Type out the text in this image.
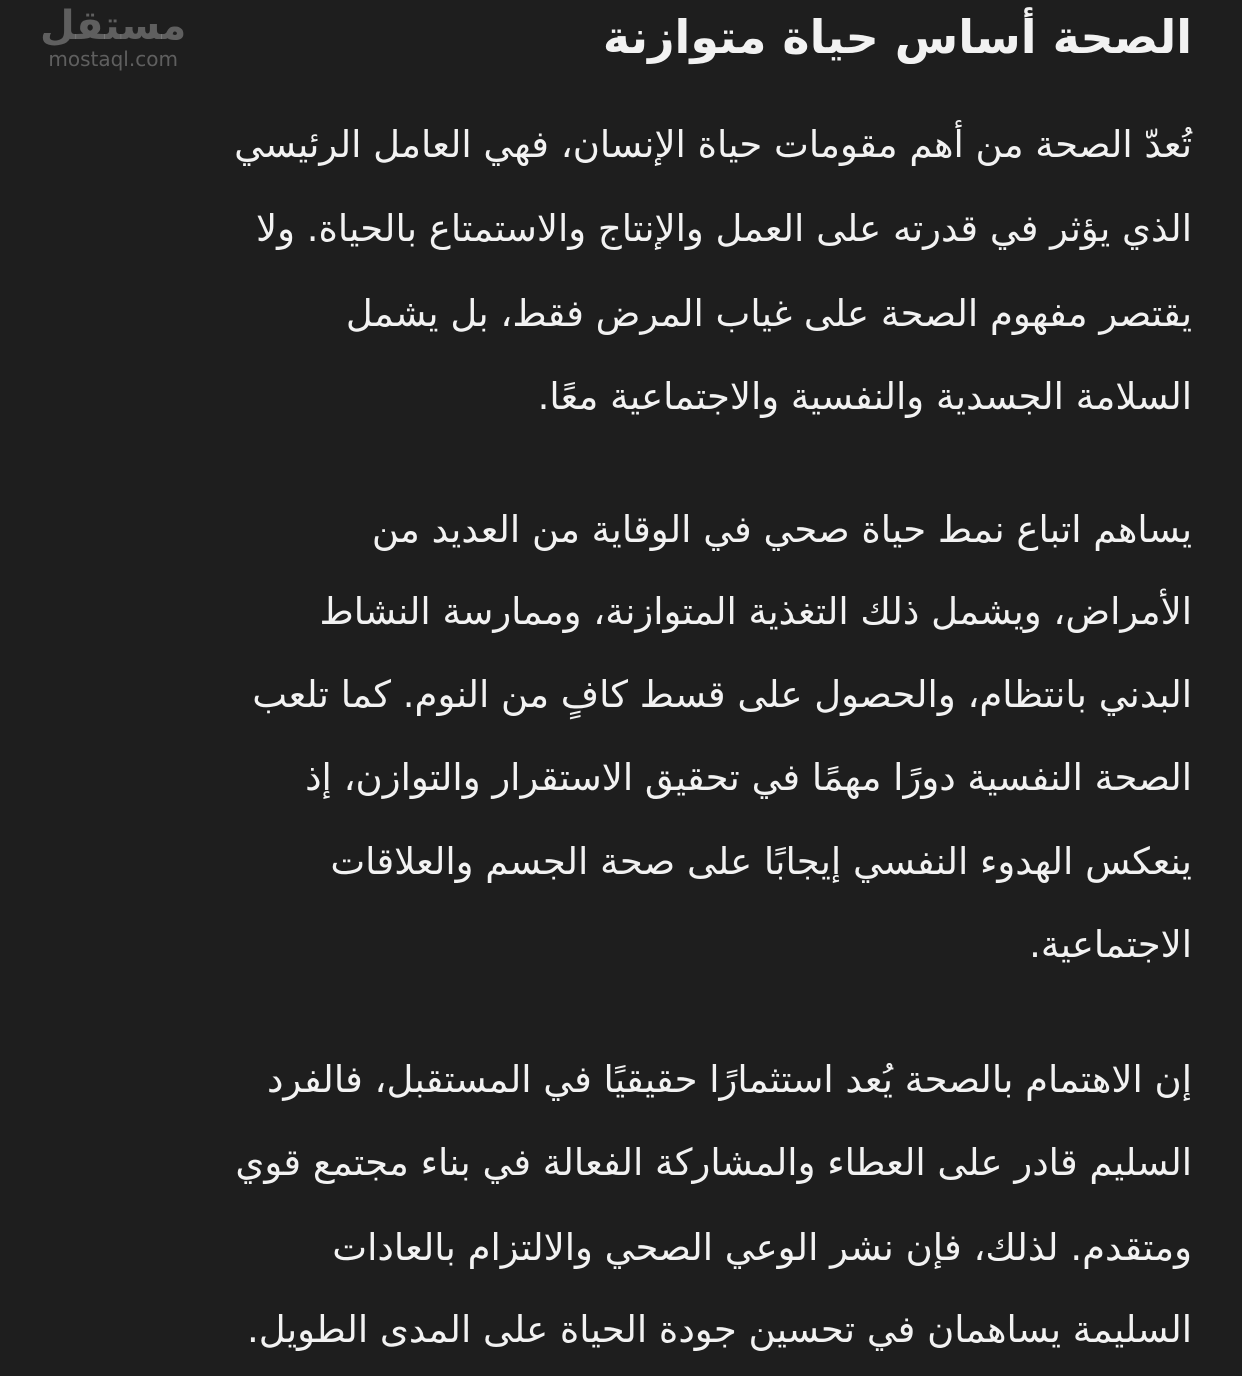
الصحة أساس حياة متوازنة
تُعدّ الصحة من أهم مقومات حياة الإنسان، فهي العامل الرئيسي
الذي يؤثر في قدرته على العمل والإنتاج والاستمتاع بالحياة. ولا
يقتصر مفهوم الصحة على غياب المرض فقط، بل يشمل
السلامة الجسدية والنفسية والاجتماعية معًا.
يساهم اتباع نمط حياة صحي في الوقاية من العديد من
الأمراض، ويشمل ذلك التغذية المتوازنة، وممارسة النشاط
البدني بانتظام، والحصول على قسط كافٍ من النوم. كما تلعب
الصحة النفسية دورًا مهمًا في تحقيق الاستقرار والتوازن، إذ
ينعكس الهدوء النفسي إيجابًا على صحة الجسم والعلاقات
الاجتماعية.
إن الاهتمام بالصحة يُعد استثمارًا حقيقيًا في المستقبل، فالفرد
السليم قادر على العطاء والمشاركة الفعالة في بناء مجتمع قوي
ومتقدم. لذلك، فإن نشر الوعي الصحي والالتزام بالعادات
السليمة يساهمان في تحسين جودة الحياة على المدى الطويل.
مستقل
mostaql.com
